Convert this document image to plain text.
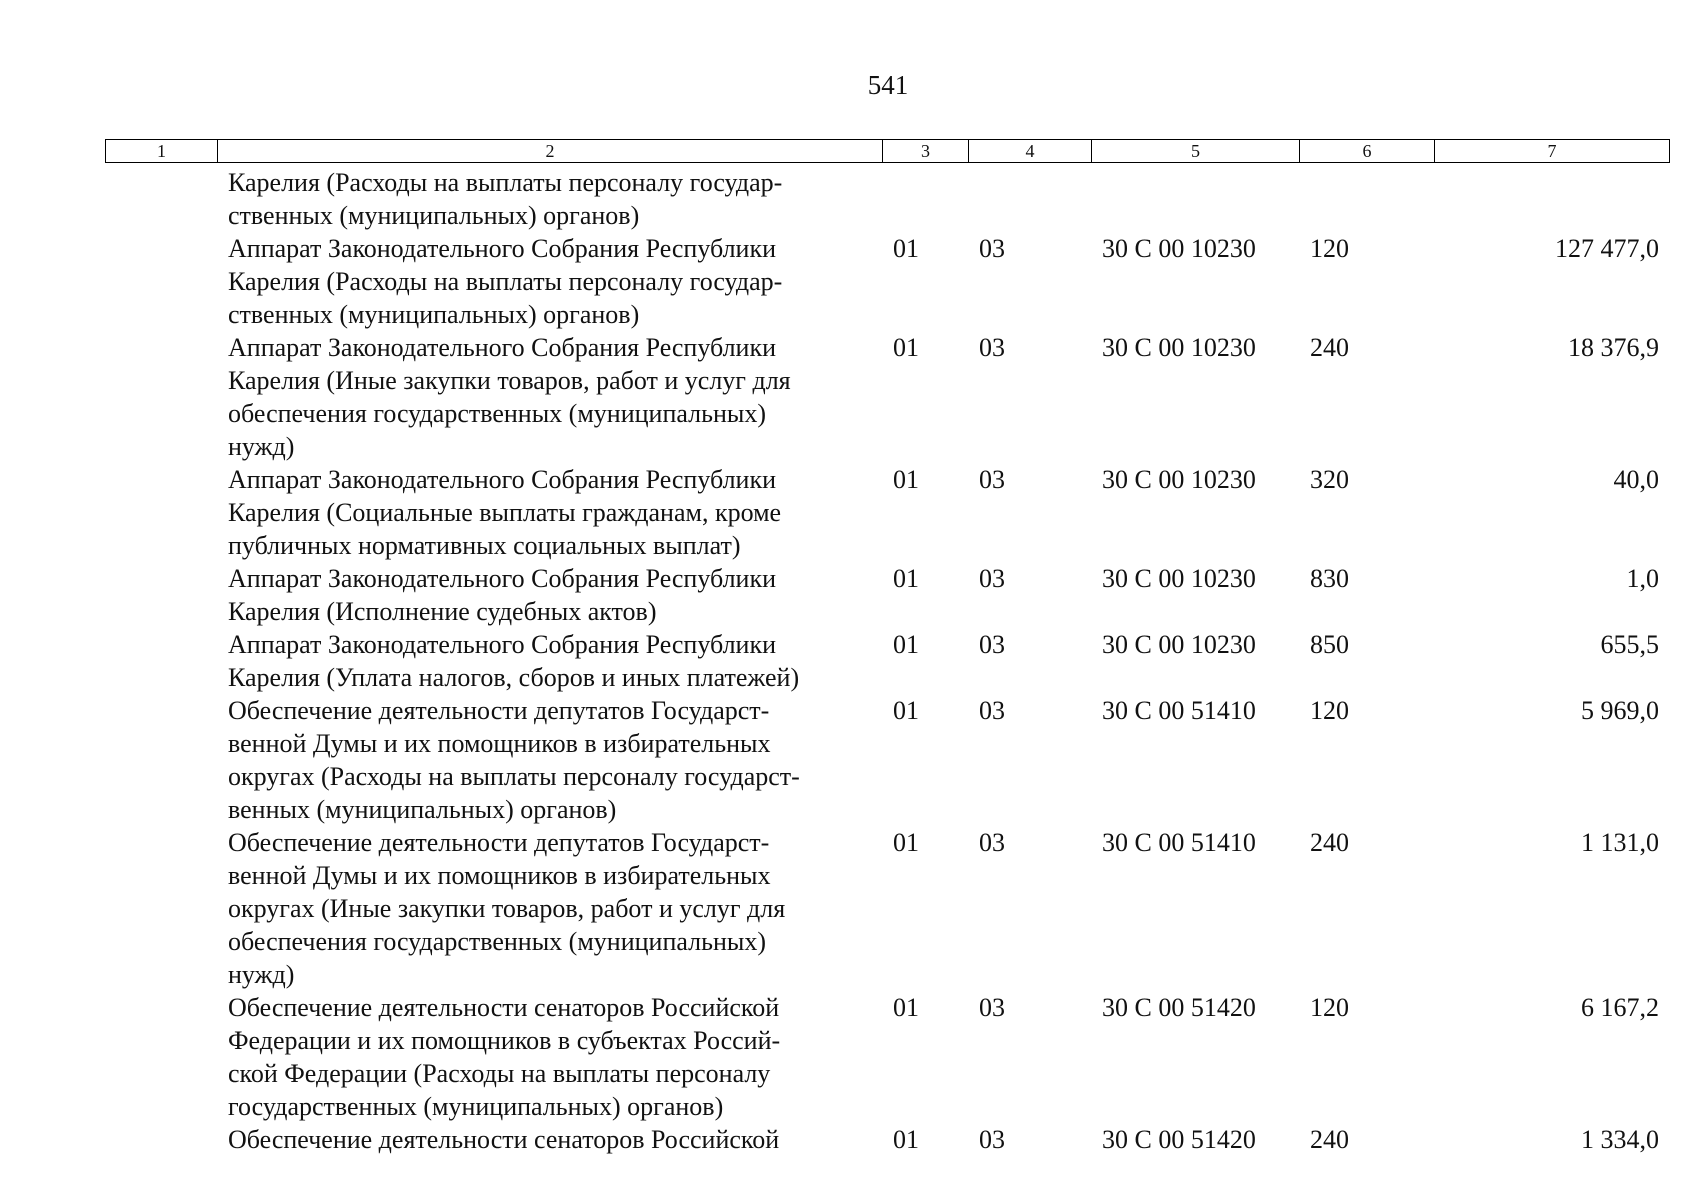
541
1	2	3	4	5	6	7
Карелия (Расходы на выплаты персоналу государ-
ственных (муниципальных) органов)
Аппарат Законодательного Собрания Республики
Карелия (Расходы на выплаты персоналу государ-
ственных (муниципальных) органов)
01	03	30 С 00 10230	120	127 477,0
Аппарат Законодательного Собрания Республики
Карелия (Иные закупки товаров, работ и услуг для
обеспечения государственных (муниципальных)
нужд)
01	03	30 С 00 10230	240	18 376,9
Аппарат Законодательного Собрания Республики
Карелия (Социальные выплаты гражданам, кроме
публичных нормативных социальных выплат)
01	03	30 С 00 10230	320	40,0
Аппарат Законодательного Собрания Республики
Карелия (Исполнение судебных актов)
01	03	30 С 00 10230	830	1,0
Аппарат Законодательного Собрания Республики
Карелия (Уплата налогов, сборов и иных платежей)
01	03	30 С 00 10230	850	655,5
Обеспечение деятельности депутатов Государст-
венной Думы и их помощников в избирательных
округах (Расходы на выплаты персоналу государст-
венных (муниципальных) органов)
01	03	30 С 00 51410	120	5 969,0
Обеспечение деятельности депутатов Государст-
венной Думы и их помощников в избирательных
округах (Иные закупки товаров, работ и услуг для
обеспечения государственных (муниципальных)
нужд)
01	03	30 С 00 51410	240	1 131,0
Обеспечение деятельности сенаторов Российской
Федерации и их помощников в субъектах Россий-
ской Федерации (Расходы на выплаты персоналу
государственных (муниципальных) органов)
01	03	30 С 00 51420	120	6 167,2
Обеспечение деятельности сенаторов Российской	01	03	30 С 00 51420	240	1 334,0
